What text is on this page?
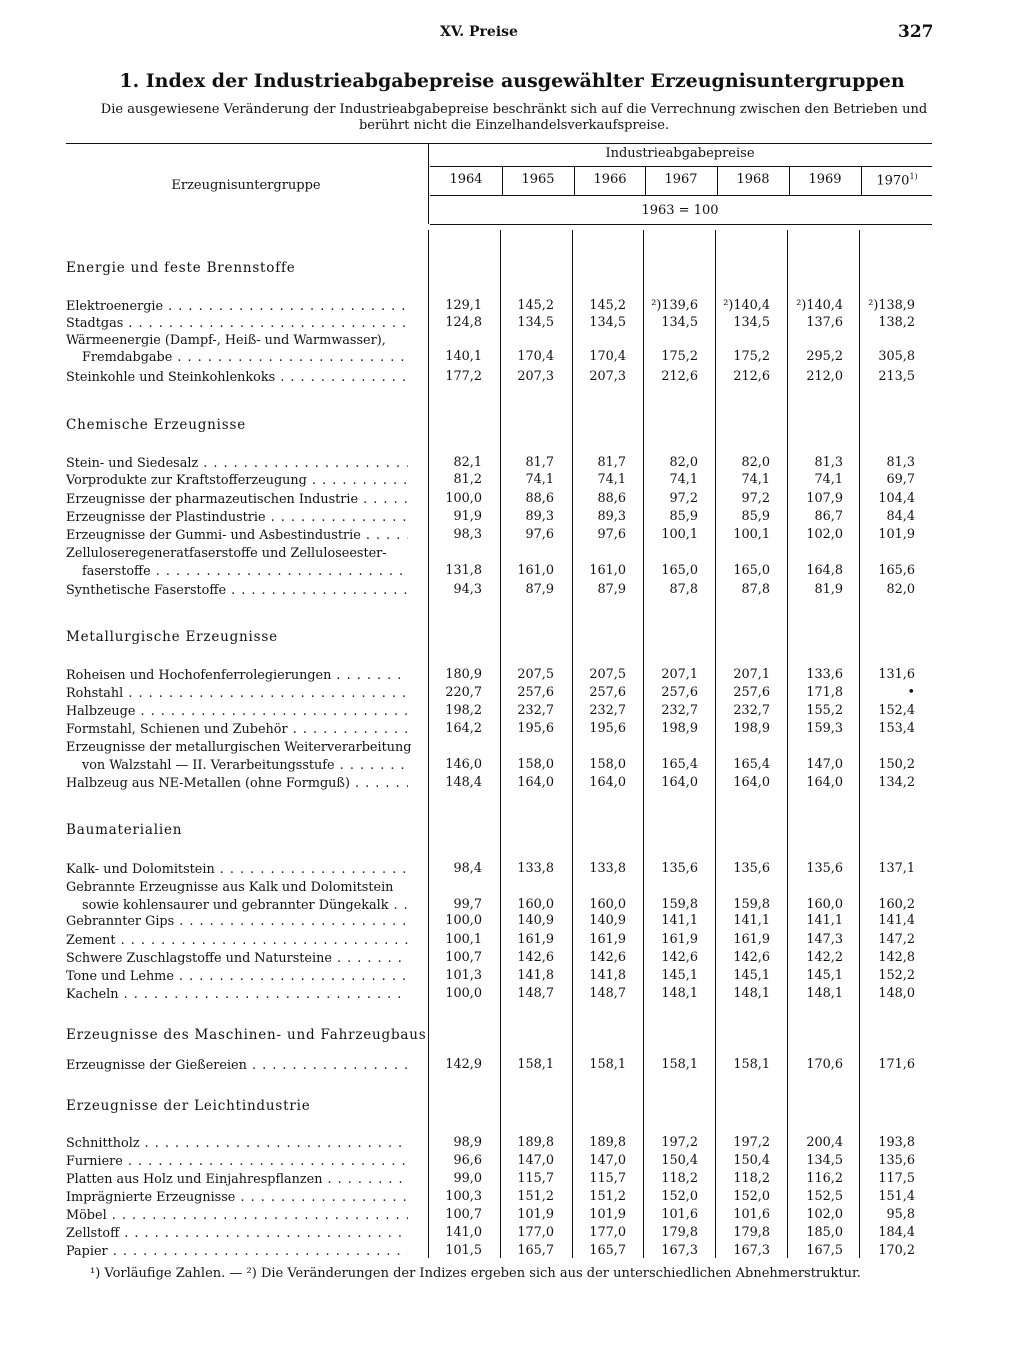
XV. Preise	327
1. Index der Industrieabgabepreise ausgewählter Erzeugnisuntergruppen
Die ausgewiesene Veränderung der Industrieabgabepreise beschränkt sich auf die Verrechnung zwischen den Betrieben und
berührt nicht die Einzelhandelsverkaufspreise.
Erzeugnisuntergruppe
Industrieabgabepreise
1963 = 100
1964	1965	1966	1967	1968	1969	1970$^{1)}$
Energie und feste Brennstoffe
Elektroenergie . . .	129,1	145,2	145,2	²)139,6	²)140,4	²)140,4	²)138,9
Stadtgas . . .	124,8	134,5	134,5	134,5	134,5	137,6	138,2
Wärmeenergie (Dampf-, Heiß- und Warmwasser),
Fremdabgabe . . .	140,1	170,4	170,4	175,2	175,2	295,2	305,8
Steinkohle und Steinkohlenkoks . . .	177,2	207,3	207,3	212,6	212,6	212,0	213,5
Chemische Erzeugnisse
Stein- und Siedesalz . . .	82,1	81,7	81,7	82,0	82,0	81,3	81,3
Vorprodukte zur Kraftstofferzeugung . . .	81,2	74,1	74,1	74,1	74,1	74,1	69,7
Erzeugnisse der pharmazeutischen Industrie . . .	100,0	88,6	88,6	97,2	97,2	107,9	104,4
Erzeugnisse der Plastindustrie . . .	91,9	89,3	89,3	85,9	85,9	86,7	84,4
Erzeugnisse der Gummi- und Asbestindustrie . . .	98,3	97,6	97,6	100,1	100,1	102,0	101,9
Zelluloseregeneratfaserstoffe und Zelluloseester-
faserstoffe . . .	131,8	161,0	161,0	165,0	165,0	164,8	165,6
Synthetische Faserstoffe . . .	94,3	87,9	87,9	87,8	87,8	81,9	82,0
Metallurgische Erzeugnisse
Roheisen und Hochofenferrolegierungen . . .	180,9	207,5	207,5	207,1	207,1	133,6	131,6
Rohstahl . . .	220,7	257,6	257,6	257,6	257,6	171,8	•
Halbzeuge . . .	198,2	232,7	232,7	232,7	232,7	155,2	152,4
Formstahl, Schienen und Zubehör . . .	164,2	195,6	195,6	198,9	198,9	159,3	153,4
Erzeugnisse der metallurgischen Weiterverarbeitung
von Walzstahl — II. Verarbeitungsstufe . . .	146,0	158,0	158,0	165,4	165,4	147,0	150,2
Halbzeug aus NE-Metallen (ohne Formguß) . . .	148,4	164,0	164,0	164,0	164,0	164,0	134,2
Baumaterialien
Kalk- und Dolomitstein . . .	98,4	133,8	133,8	135,6	135,6	135,6	137,1
Gebrannte Erzeugnisse aus Kalk und Dolomitstein
sowie kohlensaurer und gebrannter Düngekalk . . .	99,7	160,0	160,0	159,8	159,8	160,0	160,2
Gebrannter Gips . . .	100,0	140,9	140,9	141,1	141,1	141,1	141,4
Zement . . .	100,1	161,9	161,9	161,9	161,9	147,3	147,2
Schwere Zuschlagstoffe und Natursteine . . .	100,7	142,6	142,6	142,6	142,6	142,2	142,8
Tone und Lehme . . .	101,3	141,8	141,8	145,1	145,1	145,1	152,2
Kacheln . . .	100,0	148,7	148,7	148,1	148,1	148,1	148,0
Erzeugnisse des Maschinen- und Fahrzeugbaus
Erzeugnisse der Gießereien . . .	142,9	158,1	158,1	158,1	158,1	170,6	171,6
Erzeugnisse der Leichtindustrie
Schnittholz . . .	98,9	189,8	189,8	197,2	197,2	200,4	193,8
Furniere . . .	96,6	147,0	147,0	150,4	150,4	134,5	135,6
Platten aus Holz und Einjahrespflanzen . . .	99,0	115,7	115,7	118,2	118,2	116,2	117,5
Imprägnierte Erzeugnisse . . .	100,3	151,2	151,2	152,0	152,0	152,5	151,4
Möbel . . .	100,7	101,9	101,9	101,6	101,6	102,0	95,8
Zellstoff . . .	141,0	177,0	177,0	179,8	179,8	185,0	184,4
Papier . . .	101,5	165,7	165,7	167,3	167,3	167,5	170,2
¹) Vorläufige Zahlen. — ²) Die Veränderungen der Indizes ergeben sich aus der unterschiedlichen Abnehmerstruktur.
